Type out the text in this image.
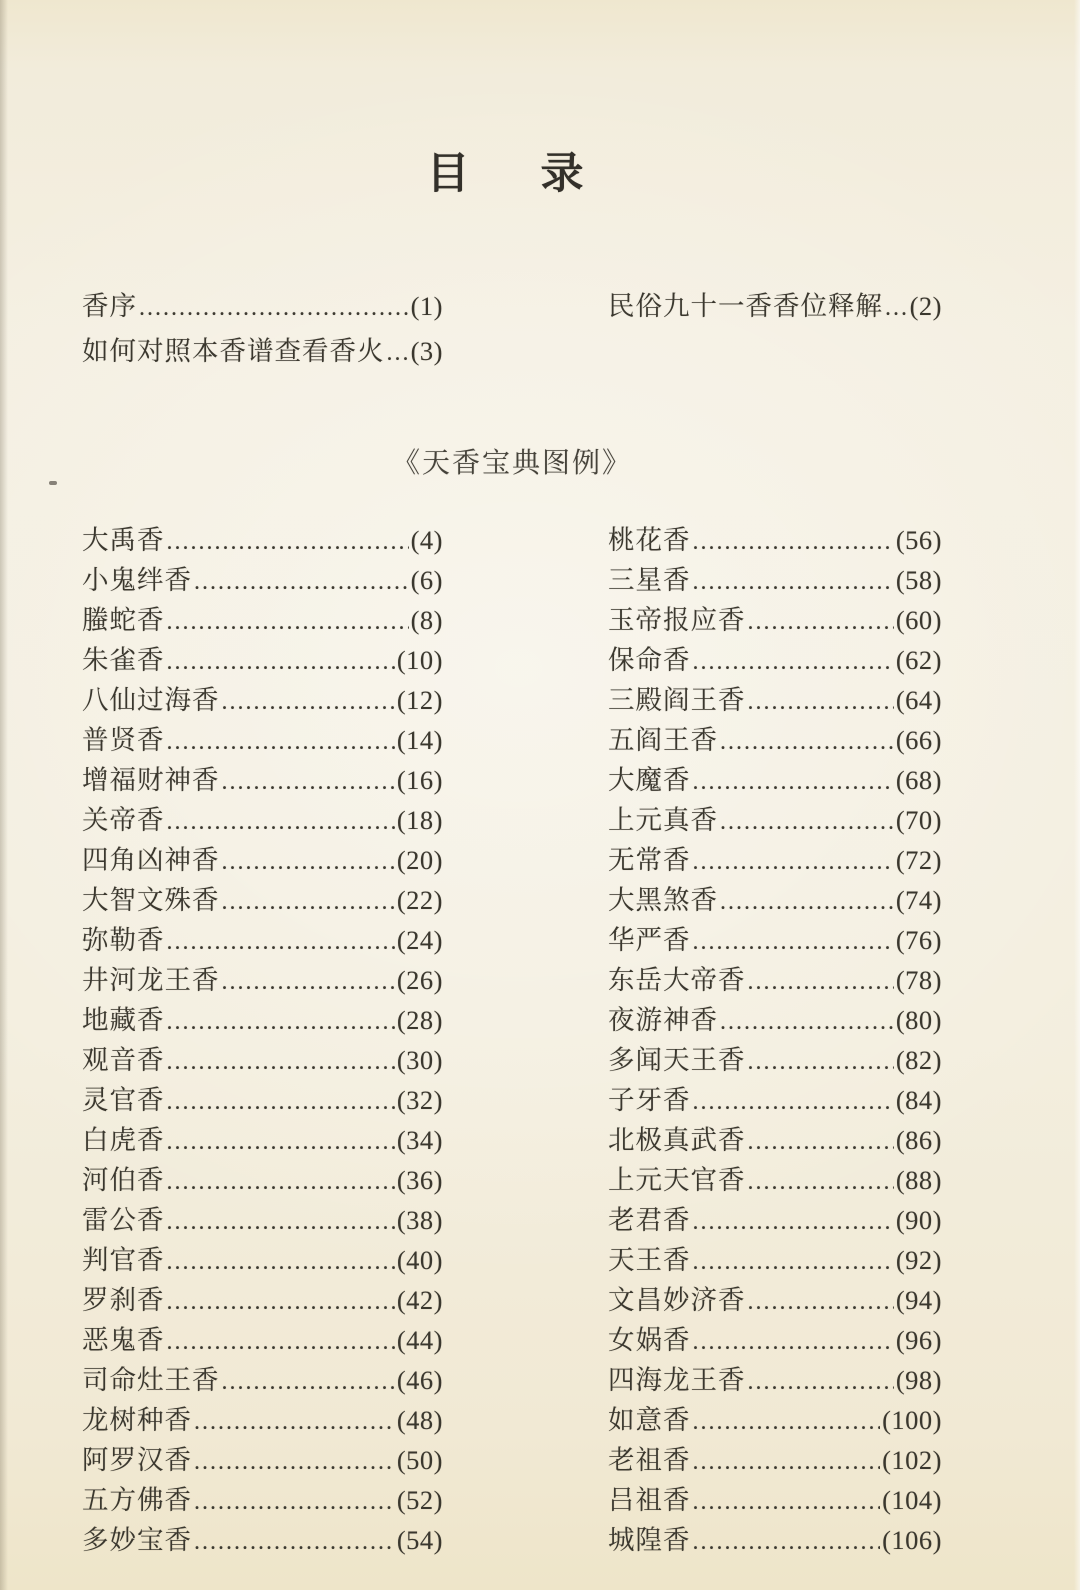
目　录
香序 .....	(1)
如何对照本香谱查看香火 ..... (3)
民俗九十一香香位释解 ..... (2)
《天香宝典图例》
大禹香 .....	(4)
小鬼绊香 .....	(6)
螣蛇香 .....	(8)
朱雀香 .....	(10)
八仙过海香 .....	(12)
普贤香 .....	(14)
增福财神香 .....	(16)
关帝香 .....	(18)
四角凶神香 .....	(20)
大智文殊香 .....	(22)
弥勒香 .....	(24)
井河龙王香 .....	(26)
地藏香 .....	(28)
观音香 .....	(30)
灵官香 .....	(32)
白虎香 .....	(34)
河伯香 .....	(36)
雷公香 .....	(38)
判官香 .....	(40)
罗刹香 .....	(42)
恶鬼香 .....	(44)
司命灶王香 .....	(46)
龙树种香 .....	(48)
阿罗汉香 .....	(50)
五方佛香 .....	(52)
多妙宝香 .....	(54)
桃花香 .....	(56)
三星香 .....	(58)
玉帝报应香 .....	(60)
保命香 .....	(62)
三殿阎王香 .....	(64)
五阎王香 .....	(66)
大魔香 .....	(68)
上元真香 .....	(70)
无常香 .....	(72)
大黑煞香 .....	(74)
华严香 .....	(76)
东岳大帝香 .....	(78)
夜游神香 .....	(80)
多闻天王香 .....	(82)
子牙香 .....	(84)
北极真武香 .....	(86)
上元天官香 .....	(88)
老君香 .....	(90)
天王香 .....	(92)
文昌妙济香 .....	(94)
女娲香 .....	(96)
四海龙王香 .....	(98)
如意香 .....	(100)
老祖香 .....	(102)
吕祖香 .....	(104)
城隍香 .....	(106)
